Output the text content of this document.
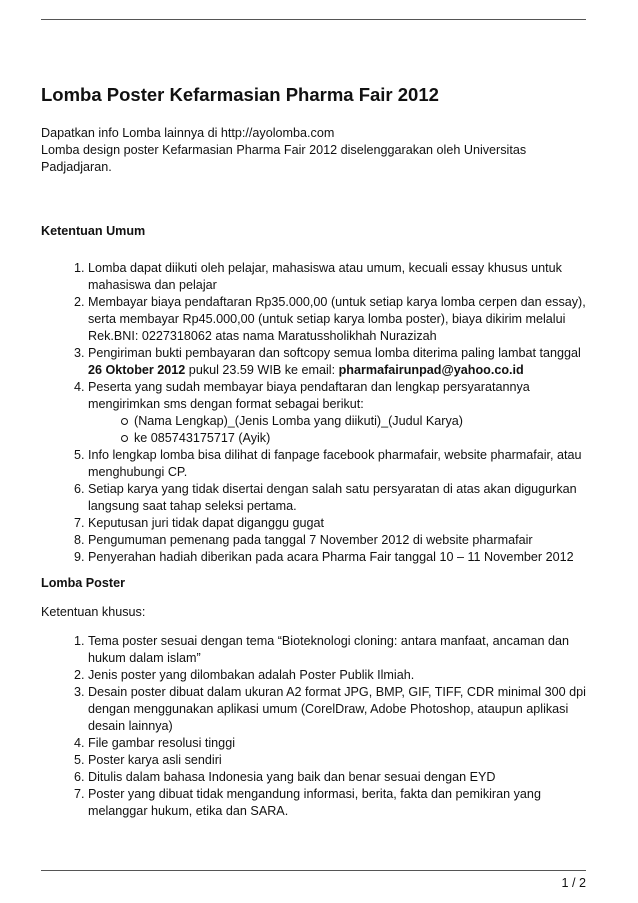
Lomba Poster Kefarmasian Pharma Fair 2012

Dapatkan info Lomba lainnya di http://ayolomba.com

Lomba design poster Kefarmasian Pharma Fair 2012 diselenggarakan oleh Universitas Padjadjaran.

Ketentuan Umum

1. Lomba dapat diikuti oleh pelajar, mahasiswa atau umum, kecuali essay khusus untuk mahasiswa dan pelajar
2. Membayar biaya pendaftaran Rp35.000,00 (untuk setiap karya lomba cerpen dan essay), serta membayar Rp45.000,00 (untuk setiap karya lomba poster), biaya dikirim melalui Rek.BNI: 0227318062 atas nama Maratussholikhah Nurazizah
3. Pengiriman bukti pembayaran dan softcopy semua lomba diterima paling lambat tanggal 26 Oktober 2012 pukul 23.59 WIB ke email: pharmafairunpad@yahoo.co.id
4. Peserta yang sudah membayar biaya pendaftaran dan lengkap persyaratannya mengirimkan sms dengan format sebagai berikut:
(Nama Lengkap)_(Jenis Lomba yang diikuti)_(Judul Karya)
ke 085743175717 (Ayik)
5. Info lengkap lomba bisa dilihat di fanpage facebook pharmafair, website pharmafair, atau menghubungi CP.
6. Setiap karya yang tidak disertai dengan salah satu persyaratan di atas akan digugurkan langsung saat tahap seleksi pertama.
7. Keputusan juri tidak dapat diganggu gugat
8. Pengumuman pemenang pada tanggal 7 November 2012 di website pharmafair
9. Penyerahan hadiah diberikan pada acara Pharma Fair tanggal 10 – 11 November 2012

Lomba Poster

Ketentuan khusus:

1. Tema poster sesuai dengan tema “Bioteknologi cloning: antara manfaat, ancaman dan hukum dalam islam”
2. Jenis poster yang dilombakan adalah Poster Publik Ilmiah.
3. Desain poster dibuat dalam ukuran A2 format JPG, BMP, GIF, TIFF, CDR minimal 300 dpi dengan menggunakan aplikasi umum (CorelDraw, Adobe Photoshop, ataupun aplikasi desain lainnya)
4. File gambar resolusi tinggi
5. Poster karya asli sendiri
6. Ditulis dalam bahasa Indonesia yang baik dan benar sesuai dengan EYD
7. Poster yang dibuat tidak mengandung informasi, berita, fakta dan pemikiran yang melanggar hukum, etika dan SARA.
1 / 2
